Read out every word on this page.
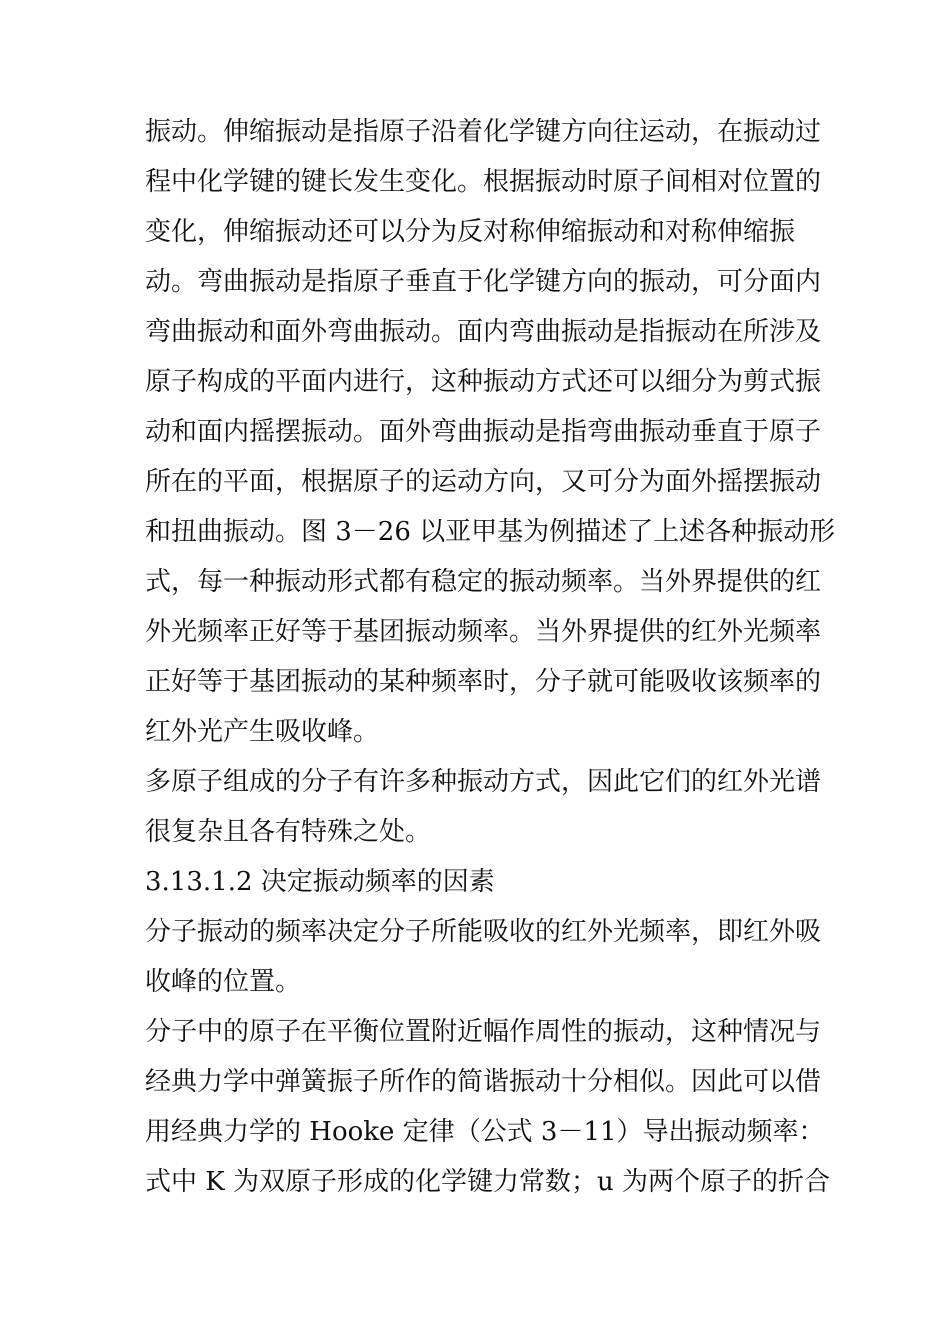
振动。伸缩振动是指原子沿着化学键方向往运动，在振动过
程中化学键的键长发生变化。根据振动时原子间相对位置的
变化，伸缩振动还可以分为反对称伸缩振动和对称伸缩振
动。弯曲振动是指原子垂直于化学键方向的振动，可分面内
弯曲振动和面外弯曲振动。面内弯曲振动是指振动在所涉及
原子构成的平面内进行，这种振动方式还可以细分为剪式振
动和面内摇摆振动。面外弯曲振动是指弯曲振动垂直于原子
所在的平面，根据原子的运动方向，又可分为面外摇摆振动
和扭曲振动。图 3－26 以亚甲基为例描述了上述各种振动形
式，每一种振动形式都有稳定的振动频率。当外界提供的红
外光频率正好等于基团振动频率。当外界提供的红外光频率
正好等于基团振动的某种频率时，分子就可能吸收该频率的
红外光产生吸收峰。
多原子组成的分子有许多种振动方式，因此它们的红外光谱
很复杂且各有特殊之处。
3.13.1.2 决定振动频率的因素
分子振动的频率决定分子所能吸收的红外光频率，即红外吸
收峰的位置。
分子中的原子在平衡位置附近幅作周性的振动，这种情况与
经典力学中弹簧振子所作的简谐振动十分相似。因此可以借
用经典力学的 Hooke 定律（公式 3－11）导出振动频率：
式中 K 为双原子形成的化学键力常数；u 为两个原子的折合
